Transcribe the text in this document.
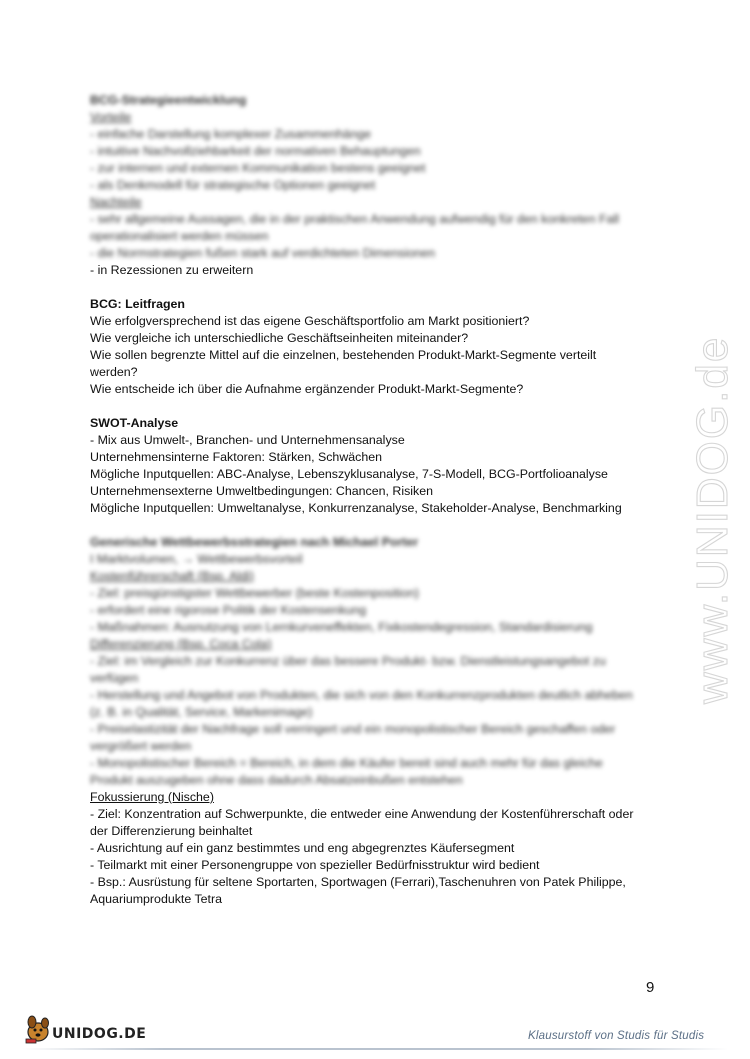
www.UNIDOG.de
BCG-Strategieentwicklung
Vorteile
- einfache Darstellung komplexer Zusammenhänge
- intuitive Nachvollziehbarkeit der normativen Behauptungen
- zur internen und externen Kommunikation bestens geeignet
- als Denkmodell für strategische Optionen geeignet
Nachteile
- sehr allgemeine Aussagen, die in der praktischen Anwendung aufwendig für den konkreten Fall
operationalisiert werden müssen
- die Normstrategien fußen stark auf verdichteten Dimensionen
- in Rezessionen zu erweitern
BCG: Leitfragen
Wie erfolgversprechend ist das eigene Geschäftsportfolio am Markt positioniert?
Wie vergleiche ich unterschiedliche Geschäftseinheiten miteinander?
Wie sollen begrenzte Mittel auf die einzelnen, bestehenden Produkt-Markt-Segmente verteilt
werden?
Wie entscheide ich über die Aufnahme ergänzender Produkt-Markt-Segmente?
SWOT-Analyse
- Mix aus Umwelt-, Branchen- und Unternehmensanalyse
Unternehmensinterne Faktoren: Stärken, Schwächen
Mögliche Inputquellen: ABC-Analyse, Lebenszyklusanalyse, 7-S-Modell, BCG-Portfolioanalyse
Unternehmensexterne Umweltbedingungen: Chancen, Risiken
Mögliche Inputquellen: Umweltanalyse, Konkurrenzanalyse, Stakeholder-Analyse, Benchmarking
Generische Wettbewerbsstrategien nach Michael Porter
I Marktvolumen, → Wettbewerbsvorteil
Kostenführerschaft (Bsp. Aldi)
- Ziel: preisgünstigster Wettbewerber (beste Kostenposition)
- erfordert eine rigorose Politik der Kostensenkung
- Maßnahmen: Ausnutzung von Lernkurveneffekten, Fixkostendegression, Standardisierung
Differenzierung (Bsp. Coca Cola)
- Ziel: im Vergleich zur Konkurrenz über das bessere Produkt- bzw. Dienstleistungsangebot zu
verfügen
- Herstellung und Angebot von Produkten, die sich von den Konkurrenzprodukten deutlich abheben
(z. B. in Qualität, Service, Markenimage)
- Preiselastizität der Nachfrage soll verringert und ein monopolistischer Bereich geschaffen oder
vergrößert werden
- Monopolistischer Bereich = Bereich, in dem die Käufer bereit sind auch mehr für das gleiche
Produkt auszugeben ohne dass dadurch Absatzeinbußen entstehen
Fokussierung (Nische)
- Ziel: Konzentration auf Schwerpunkte, die entweder eine Anwendung der Kostenführerschaft oder
der Differenzierung beinhaltet
- Ausrichtung auf ein ganz bestimmtes und eng abgegrenztes Käufersegment
- Teilmarkt mit einer Personengruppe von spezieller Bedürfnisstruktur wird bedient
- Bsp.: Ausrüstung für seltene Sportarten, Sportwagen (Ferrari),Taschenuhren von Patek Philippe,
Aquariumprodukte Tetra
9
UNIDOG.DE	Klausurstoff von Studis für Studis
